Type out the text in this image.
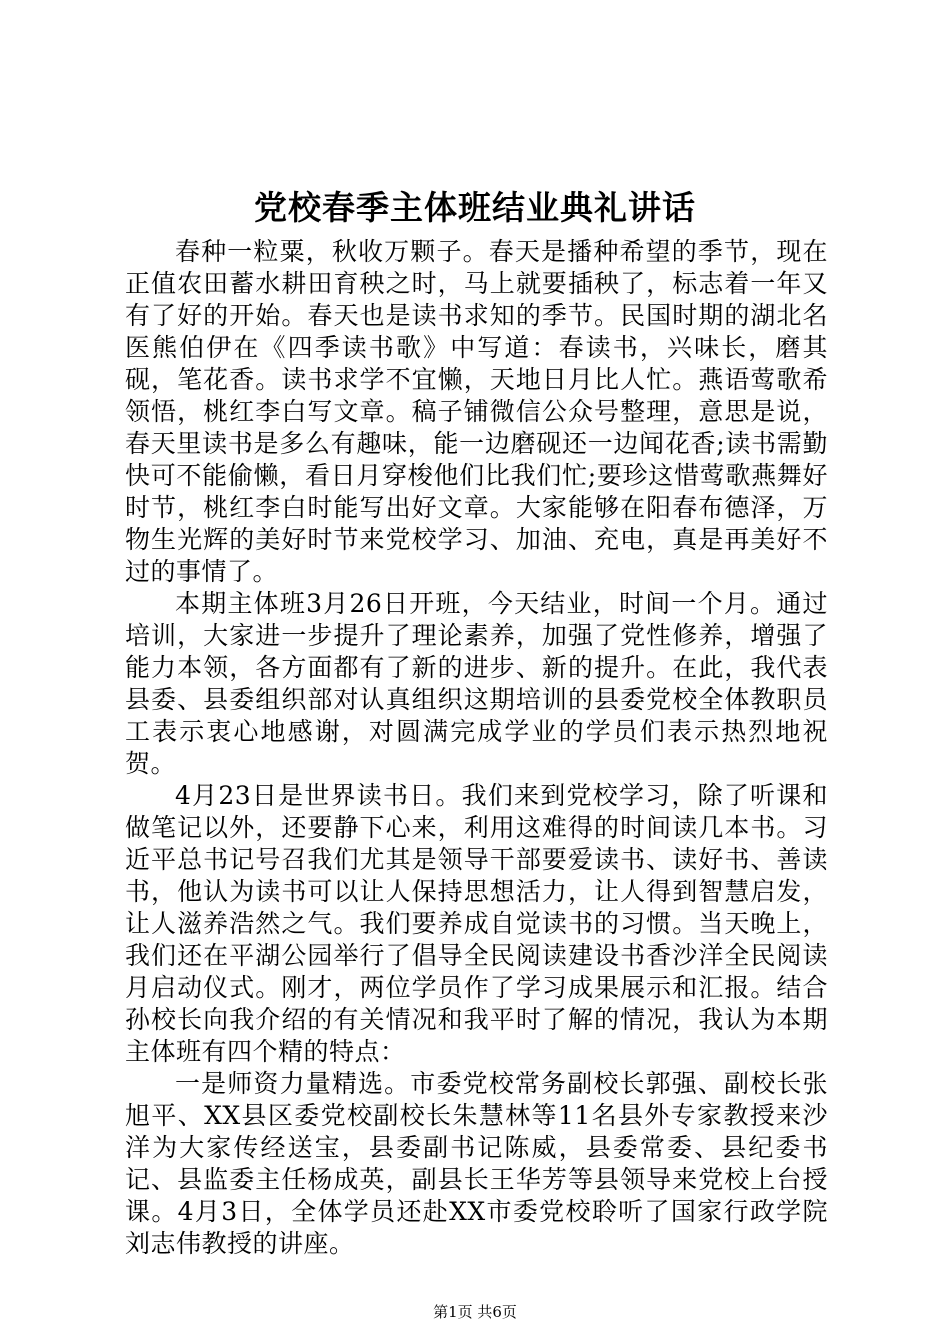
党校春季主体班结业典礼讲话

春种一粒粟，秋收万颗子。春天是播种希望的季节，现在正值农田蓄水耕田育秧之时，马上就要插秧了，标志着一年又有了好的开始。春天也是读书求知的季节。民国时期的湖北名医熊伯伊在《四季读书歌》中写道：春读书，兴味长，磨其砚，笔花香。读书求学不宜懒，天地日月比人忙。燕语莺歌希领悟，桃红李白写文章。稿子铺微信公众号整理，意思是说，春天里读书是多么有趣味，能一边磨砚还一边闻花香;读书需勤快可不能偷懒，看日月穿梭他们比我们忙;要珍这惜莺歌燕舞好时节，桃红李白时能写出好文章。大家能够在阳春布德泽，万物生光辉的美好时节来党校学习、加油、充电，真是再美好不过的事情了。

本期主体班3月26日开班，今天结业，时间一个月。通过培训，大家进一步提升了理论素养，加强了党性修养，增强了能力本领，各方面都有了新的进步、新的提升。在此，我代表县委、县委组织部对认真组织这期培训的县委党校全体教职员工表示衷心地感谢，对圆满完成学业的学员们表示热烈地祝贺。

4月23日是世界读书日。我们来到党校学习，除了听课和做笔记以外，还要静下心来，利用这难得的时间读几本书。习近平总书记号召我们尤其是领导干部要爱读书、读好书、善读书，他认为读书可以让人保持思想活力，让人得到智慧启发，让人滋养浩然之气。我们要养成自觉读书的习惯。当天晚上，我们还在平湖公园举行了倡导全民阅读建设书香沙洋全民阅读月启动仪式。刚才，两位学员作了学习成果展示和汇报。结合孙校长向我介绍的有关情况和我平时了解的情况，我认为本期主体班有四个精的特点：

一是师资力量精选。市委党校常务副校长郭强、副校长张旭平、XX县区委党校副校长朱慧林等11名县外专家教授来沙洋为大家传经送宝，县委副书记陈威，县委常委、县纪委书记、县监委主任杨成英，副县长王华芳等县领导来党校上台授课。4月3日，全体学员还赴XX市委党校聆听了国家行政学院刘志伟教授的讲座。

第1页 共6页
